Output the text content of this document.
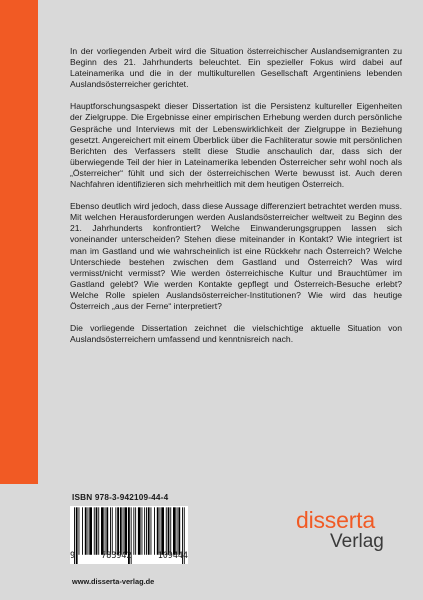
In der vorliegenden Arbeit wird die Situation österreichischer Auslandsemigranten zu Beginn des 21. Jahrhunderts beleuchtet. Ein spezieller Fokus wird dabei auf Lateinamerika und die in der multikulturellen Gesellschaft Argentiniens lebenden Auslandsösterreicher gerichtet.

Hauptforschungsaspekt dieser Dissertation ist die Persistenz kultureller Eigenheiten der Zielgruppe. Die Ergebnisse einer empirischen Erhebung werden durch persönliche Gespräche und Interviews mit der Lebenswirklichkeit der Zielgruppe in Beziehung gesetzt. Angereichert mit einem Überblick über die Fachliteratur sowie mit persönlichen Berichten des Verfassers stellt diese Studie anschaulich dar, dass sich der überwiegende Teil der hier in Lateinamerika lebenden Österreicher sehr wohl noch als „Österreicher“ fühlt und sich der österreichischen Werte bewusst ist. Auch deren Nachfahren identifizieren sich mehrheitlich mit dem heutigen Österreich.

Ebenso deutlich wird jedoch, dass diese Aussage differenziert betrachtet werden muss. Mit welchen Herausforderungen werden Auslandsösterreicher weltweit zu Beginn des 21. Jahrhunderts konfrontiert? Welche Einwanderungsgruppen lassen sich voneinander unterscheiden? Stehen diese miteinander in Kontakt? Wie integriert ist man im Gastland und wie wahrscheinlich ist eine Rückkehr nach Österreich? Welche Unterschiede bestehen zwischen dem Gastland und Österreich? Was wird vermisst/nicht vermisst? Wie werden österreichische Kultur und Brauchtümer im Gastland gelebt? Wie werden Kontakte gepflegt und Österreich-Besuche erlebt? Welche Rolle spielen Auslandsösterreicher-Institutionen? Wie wird das heutige Österreich „aus der Ferne“ interpretiert?

Die vorliegende Dissertation zeichnet die vielschichtige aktuelle Situation von Auslandsösterreichern umfassend und kenntnisreich nach.

ISBN 978-3-942109-44-4
9	783942	109444
www.disserta-verlag.de
disserta
Verlag
